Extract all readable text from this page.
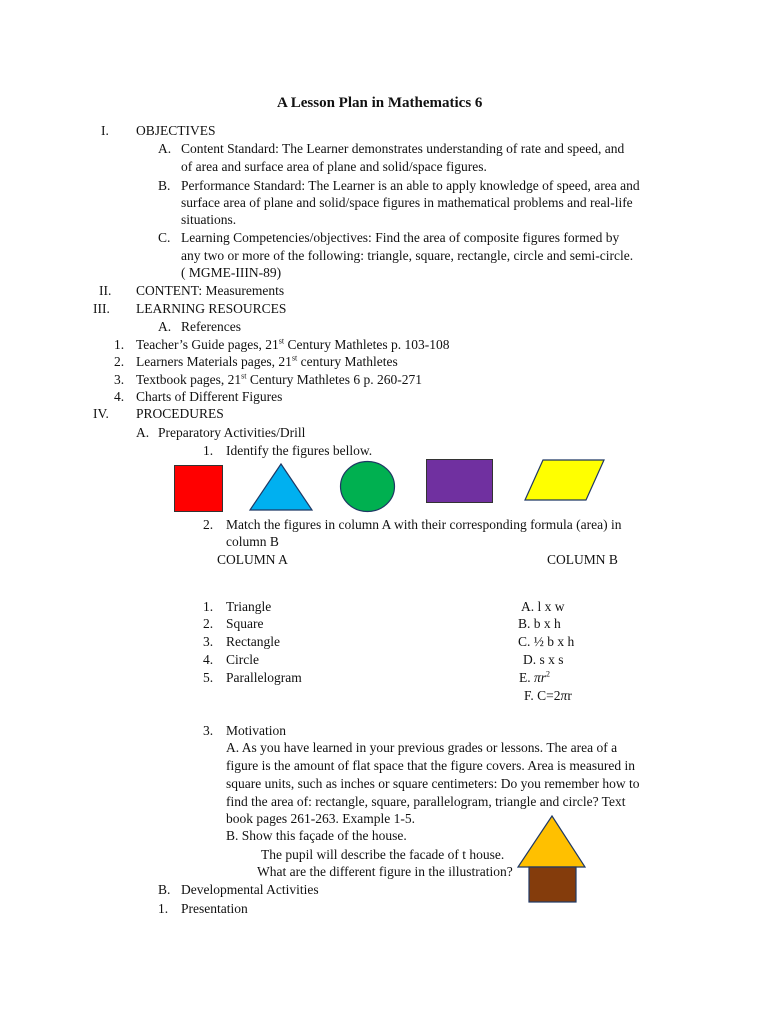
A Lesson Plan in Mathematics 6
I. OBJECTIVES
A. Content Standard: The Learner demonstrates understanding of rate and speed, and
of area and surface area of plane and solid/space figures.
B. Performance Standard: The Learner is an able to apply knowledge of speed, area and
surface area of plane and solid/space figures in mathematical problems and real-life
situations.
C. Learning Competencies/objectives: Find the area of composite figures formed by
any two or more of the following: triangle, square, rectangle, circle and semi-circle.
( MGME-IIIN-89)
II. CONTENT: Measurements
III. LEARNING RESOURCES
A. References
1. Teacher’s Guide pages, 21st Century Mathletes p. 103-108
2. Learners Materials pages, 21st century Mathletes
3. Textbook pages, 21st Century Mathletes 6 p. 260-271
4. Charts of Different Figures
IV. PROCEDURES
A. Preparatory Activities/Drill
1. Identify the figures bellow.
2. Match the figures in column A with their corresponding formula (area) in
column B
COLUMN A	COLUMN B
1. Triangle
2. Square
3. Rectangle
4. Circle
5. Parallelogram
A. l x w
B. b x h
C. ½ b x h
D. s x s
E. $\pi r^2$
F. C=2πr
3. Motivation
A. As you have learned in your previous grades or lessons. The area of a
figure is the amount of flat space that the figure covers. Area is measured in
square units, such as inches or square centimeters: Do you remember how to
find the area of: rectangle, square, parallelogram, triangle and circle? Text
book pages 261-263. Example 1-5.
B. Show this façade of the house.
The pupil will describe the facade of t house.
What are the different figure in the illustration?
B. Developmental Activities
1. Presentation
